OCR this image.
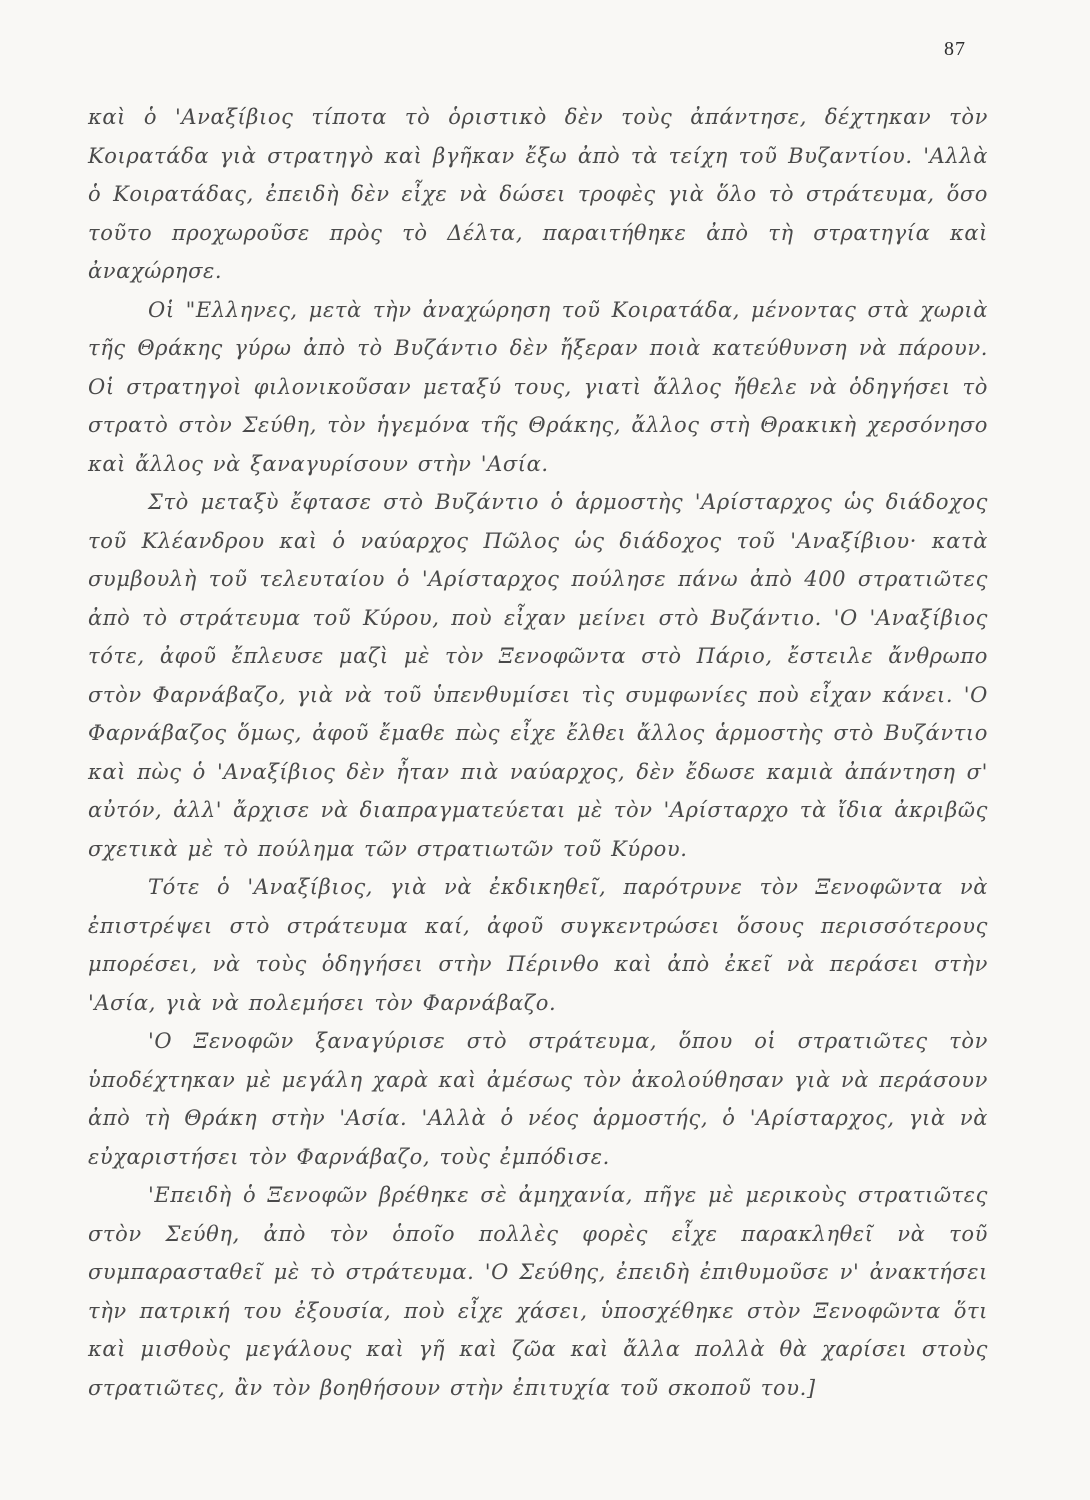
87

καὶ ὁ 'Αναξίβιος τίποτα τὸ ὁριστικὸ δὲν τοὺς ἀπάντησε, δέχτηκαν τὸν Κοιρατάδα γιὰ στρατηγὸ καὶ βγῆκαν ἔξω ἀπὸ τὰ τείχη τοῦ Βυζαντίου. 'Αλλὰ ὁ Κοιρατάδας, ἐπειδὴ δὲν εἶχε νὰ δώσει τροφὲς γιὰ ὅλο τὸ στράτευμα, ὅσο τοῦτο προχωροῦσε πρὸς τὸ Δέλτα, παραιτήθηκε ἀπὸ τὴ στρατηγία καὶ ἀναχώρησε.

Οἱ "Ελληνες, μετὰ τὴν ἀναχώρηση τοῦ Κοιρατάδα, μένοντας στὰ χωριὰ τῆς Θράκης γύρω ἀπὸ τὸ Βυζάντιο δὲν ἤξεραν ποιὰ κατεύθυνση νὰ πάρουν. Οἱ στρατηγοὶ φιλονικοῦσαν μεταξύ τους, γιατὶ ἄλλος ἤθελε νὰ ὁδηγήσει τὸ στρατὸ στὸν Σεύθη, τὸν ἡγεμόνα τῆς Θράκης, ἄλλος στὴ Θρακικὴ χερσόνησο καὶ ἄλλος νὰ ξαναγυρίσουν στὴν 'Ασία.

Στὸ μεταξὺ ἔφτασε στὸ Βυζάντιο ὁ ἁρμοστὴς 'Αρίσταρχος ὡς διάδοχος τοῦ Κλέανδρου καὶ ὁ ναύαρχος Πῶλος ὡς διάδοχος τοῦ 'Αναξίβιου· κατὰ συμβουλὴ τοῦ τελευταίου ὁ 'Αρίσταρχος πούλησε πάνω ἀπὸ 400 στρατιῶτες ἀπὸ τὸ στράτευμα τοῦ Κύρου, ποὺ εἶχαν μείνει στὸ Βυζάντιο. 'Ο 'Αναξίβιος τότε, ἀφοῦ ἔπλευσε μαζὶ μὲ τὸν Ξενοφῶντα στὸ Πάριο, ἔστειλε ἄνθρωπο στὸν Φαρνάβαζο, γιὰ νὰ τοῦ ὑπενθυμίσει τὶς συμφωνίες ποὺ εἶχαν κάνει. 'Ο Φαρνάβαζος ὅμως, ἀφοῦ ἔμαθε πὼς εἶχε ἔλθει ἄλλος ἁρμοστὴς στὸ Βυζάντιο καὶ πὼς ὁ 'Αναξίβιος δὲν ἦταν πιὰ ναύαρχος, δὲν ἔδωσε καμιὰ ἀπάντηση σ' αὐτόν, ἀλλ' ἄρχισε νὰ διαπραγματεύεται μὲ τὸν 'Αρίσταρχο τὰ ἴδια ἀκριβῶς σχετικὰ μὲ τὸ πούλημα τῶν στρατιωτῶν τοῦ Κύρου.

Τότε ὁ 'Αναξίβιος, γιὰ νὰ ἐκδικηθεῖ, παρότρυνε τὸν Ξενοφῶντα νὰ ἐπιστρέψει στὸ στράτευμα καί, ἀφοῦ συγκεντρώσει ὅσους περισσότερους μπορέσει, νὰ τοὺς ὁδηγήσει στὴν Πέρινθο καὶ ἀπὸ ἐκεῖ νὰ περάσει στὴν 'Ασία, γιὰ νὰ πολεμήσει τὸν Φαρνάβαζο.

'Ο Ξενοφῶν ξαναγύρισε στὸ στράτευμα, ὅπου οἱ στρατιῶτες τὸν ὑποδέχτηκαν μὲ μεγάλη χαρὰ καὶ ἀμέσως τὸν ἀκολούθησαν γιὰ νὰ περάσουν ἀπὸ τὴ Θράκη στὴν 'Ασία. 'Αλλὰ ὁ νέος ἁρμοστής, ὁ 'Αρίσταρχος, γιὰ νὰ εὐχαριστήσει τὸν Φαρνάβαζο, τοὺς ἐμπόδισε.

'Επειδὴ ὁ Ξενοφῶν βρέθηκε σὲ ἀμηχανία, πῆγε μὲ μερικοὺς στρατιῶτες στὸν Σεύθη, ἀπὸ τὸν ὁποῖο πολλὲς φορὲς εἶχε παρακληθεῖ νὰ τοῦ συμπαρασταθεῖ μὲ τὸ στράτευμα. 'Ο Σεύθης, ἐπειδὴ ἐπιθυμοῦσε ν' ἀνακτήσει τὴν πατρική του ἐξουσία, ποὺ εἶχε χάσει, ὑποσχέθηκε στὸν Ξενοφῶντα ὅτι καὶ μισθοὺς μεγάλους καὶ γῆ καὶ ζῶα καὶ ἄλλα πολλὰ θὰ χαρίσει στοὺς στρατιῶτες, ἂν τὸν βοηθήσουν στὴν ἐπιτυχία τοῦ σκοποῦ του.]
